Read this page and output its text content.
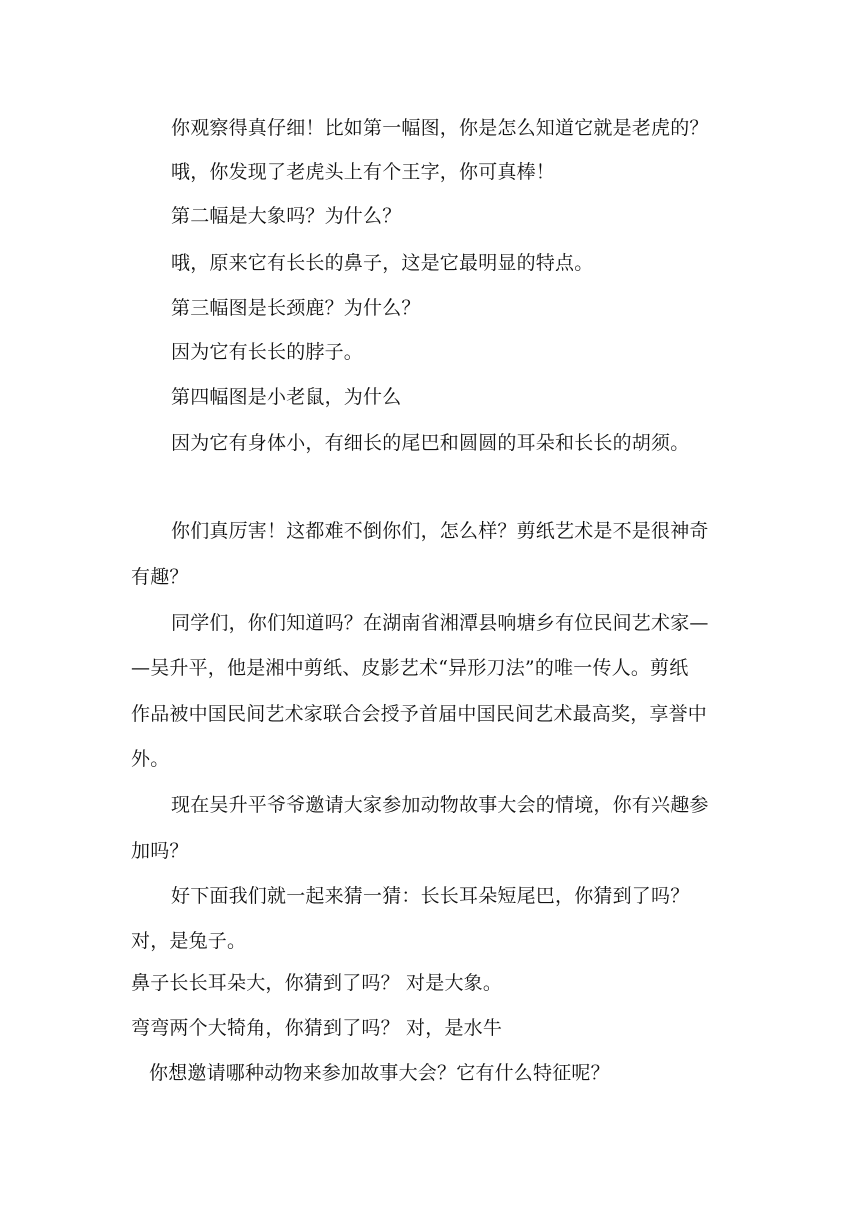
你观察得真仔细！比如第一幅图，你是怎么知道它就是老虎的？
哦，你发现了老虎头上有个王字，你可真棒！
第二幅是大象吗？为什么？
哦，原来它有长长的鼻子，这是它最明显的特点。
第三幅图是长颈鹿？为什么？
因为它有长长的脖子。
第四幅图是小老鼠，为什么
因为它有身体小，有细长的尾巴和圆圆的耳朵和长长的胡须。
你们真厉害！这都难不倒你们，怎么样？剪纸艺术是不是很神奇
有趣？
同学们，你们知道吗？在湖南省湘潭县响塘乡有位民间艺术家—
—吴升平，他是湘中剪纸、皮影艺术“异形刀法”的唯一传人。剪纸
作品被中国民间艺术家联合会授予首届中国民间艺术最高奖，享誉中
外。
现在吴升平爷爷邀请大家参加动物故事大会的情境，你有兴趣参
加吗？
好下面我们就一起来猜一猜：长长耳朵短尾巴，你猜到了吗？
对，是兔子。
鼻子长长耳朵大，你猜到了吗？ 对是大象。
弯弯两个大犄角，你猜到了吗？ 对，是水牛
你想邀请哪种动物来参加故事大会？它有什么特征呢？
